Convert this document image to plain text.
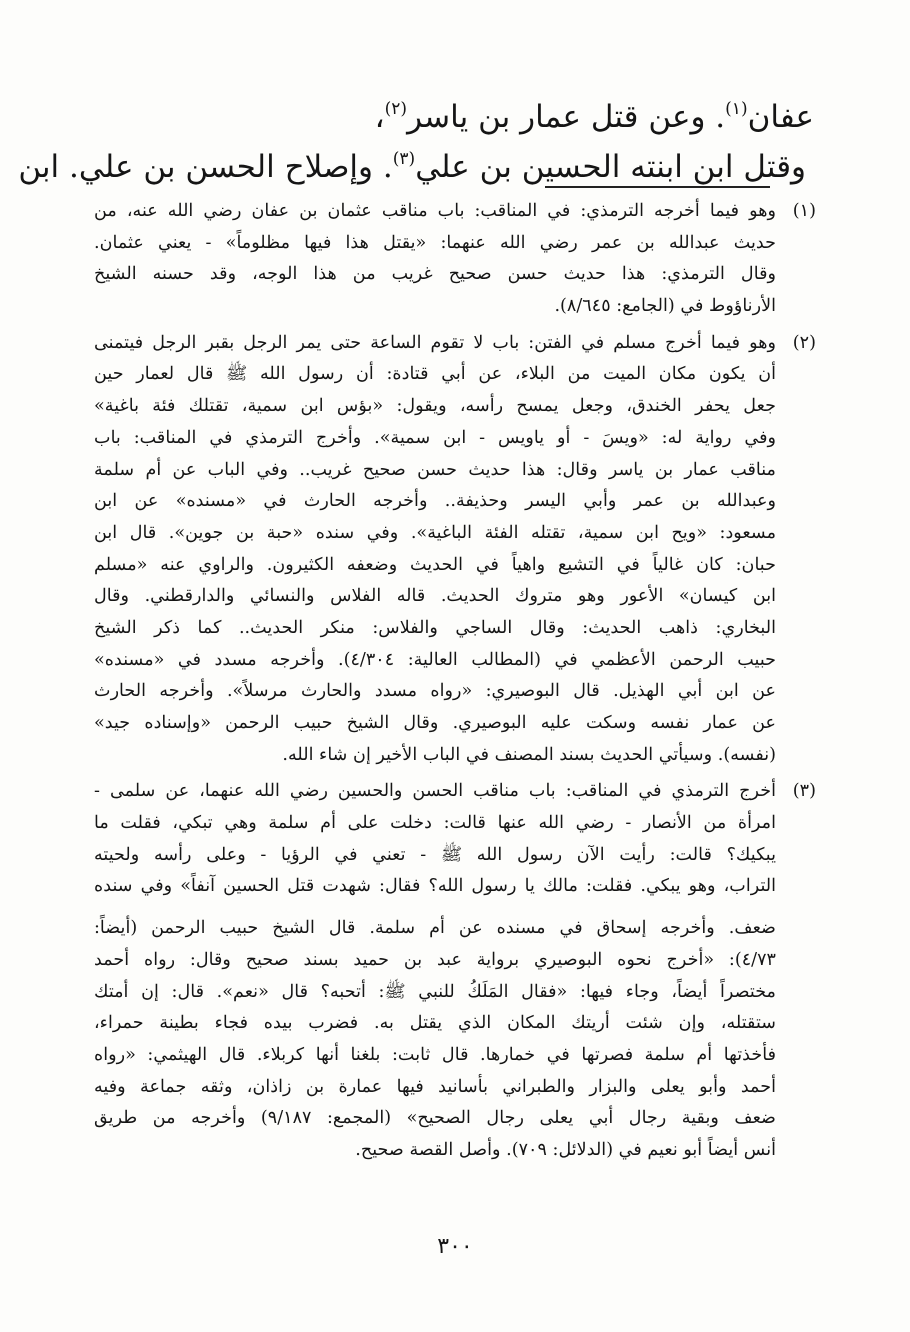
عفان$^{(١)}$. وعن قتل عمار بن ياسر$^{(٢)}$،
وقتل ابن ابنته الحسين بن علي$^{(٣)}$. وإصلاح الحسن بن علي. ابن
(١)
وهو فيما أخرجه الترمذي: في المناقب: باب مناقب عثمان بن عفان رضي الله عنه، من
حديث عبدالله بن عمر رضي الله عنهما: «يقتل هذا فيها مظلوماً» - يعني عثمان.
وقال الترمذي: هذا حديث حسن صحيح غريب من هذا الوجه، وقد حسنه الشيخ
الأرناؤوط في (الجامع: ٨/٦٤٥).
(٢)
وهو فيما أخرج مسلم في الفتن: باب لا تقوم الساعة حتى يمر الرجل بقبر الرجل فيتمنى
أن يكون مكان الميت من البلاء، عن أبي قتادة: أن رسول الله ﷺ قال لعمار حين
جعل يحفر الخندق، وجعل يمسح رأسه، ويقول: «بؤس ابن سمية، تقتلك فئة باغية»
وفي رواية له: «ويسَ - أو ياويس - ابن سمية». وأخرج الترمذي في المناقب: باب
مناقب عمار بن ياسر وقال: هذا حديث حسن صحيح غريب.. وفي الباب عن أم سلمة
وعبدالله بن عمر وأبي اليسر وحذيفة.. وأخرجه الحارث في «مسنده» عن ابن
مسعود: «ويح ابن سمية، تقتله الفئة الباغية». وفي سنده «حبة بن جوين». قال ابن
حبان: كان غالياً في التشيع واهياً في الحديث وضعفه الكثيرون. والراوي عنه «مسلم
ابن كيسان» الأعور وهو متروك الحديث. قاله الفلاس والنسائي والدارقطني. وقال
البخاري: ذاهب الحديث: وقال الساجي والفلاس: منكر الحديث.. كما ذكر الشيخ
حبيب الرحمن الأعظمي في (المطالب العالية: ٤/٣٠٤). وأخرجه مسدد في «مسنده»
عن ابن أبي الهذيل. قال البوصيري: «رواه مسدد والحارث مرسلاً». وأخرجه الحارث
عن عمار نفسه وسكت عليه البوصيري. وقال الشيخ حبيب الرحمن «وإسناده جيد»
(نفسه). وسيأتي الحديث بسند المصنف في الباب الأخير إن شاء الله.
(٣)
أخرج الترمذي في المناقب: باب مناقب الحسن والحسين رضي الله عنهما، عن سلمى -
امرأة من الأنصار - رضي الله عنها قالت: دخلت على أم سلمة وهي تبكي، فقلت ما
يبكيك؟ قالت: رأيت الآن رسول الله ﷺ - تعني في الرؤيا - وعلى رأسه ولحيته
التراب، وهو يبكي. فقلت: مالك يا رسول الله؟ فقال: شهدت قتل الحسين آنفاً» وفي سنده
ضعف. وأخرجه إسحاق في مسنده عن أم سلمة. قال الشيخ حبيب الرحمن (أيضاً:
٤/٧٣): «أخرج نحوه البوصيري برواية عبد بن حميد بسند صحيح وقال: رواه أحمد
مختصراً أيضاً، وجاء فيها: «فقال المَلَكُ للنبي ﷺ: أتحبه؟ قال «نعم». قال: إن أمتك
ستقتله، وإن شئت أريتك المكان الذي يقتل به. فضرب بيده فجاء بطينة حمراء،
فأخذتها أم سلمة فصرتها في خمارها. قال ثابت: بلغنا أنها كربلاء. قال الهيثمي: «رواه
أحمد وأبو يعلى والبزار والطبراني بأسانيد فيها عمارة بن زاذان، وثقه جماعة وفيه
ضعف وبقية رجال أبي يعلى رجال الصحيح» (المجمع: ٩/١٨٧) وأخرجه من طريق
أنس أيضاً أبو نعيم في (الدلائل: ٧٠٩). وأصل القصة صحيح.
٣٠٠
